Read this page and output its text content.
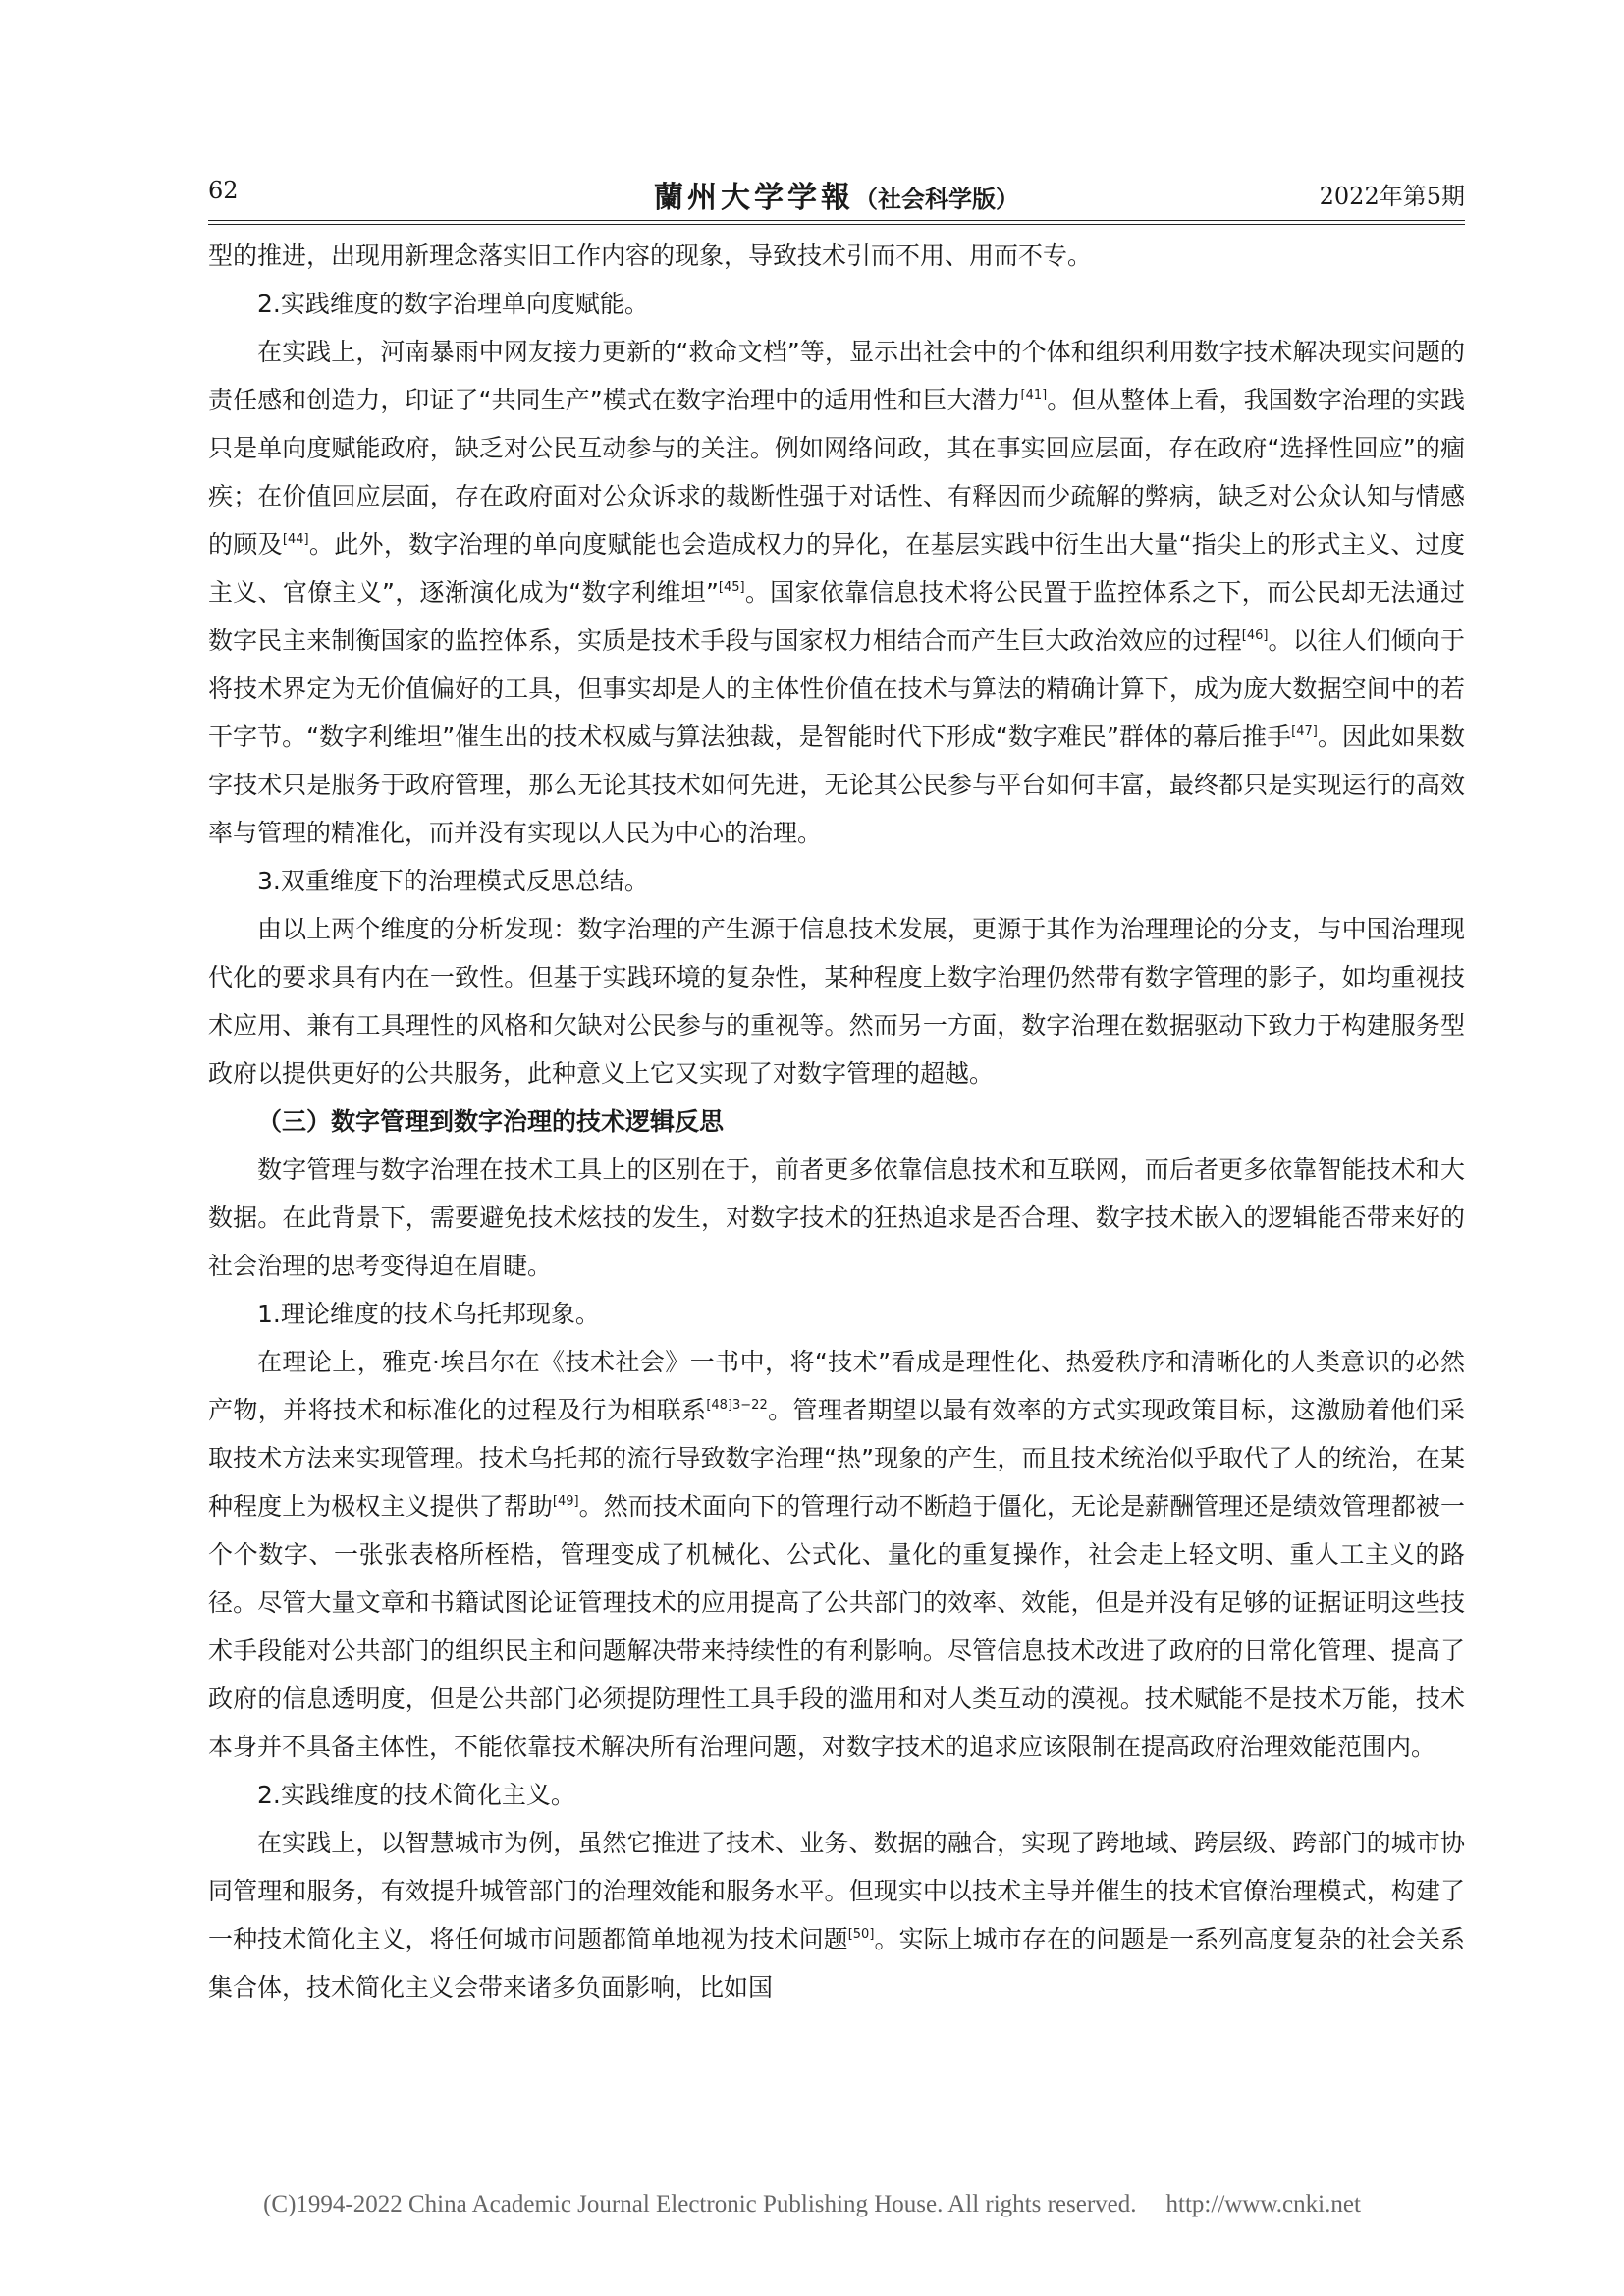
62	蘭州大学学報（社会科学版）	2022年第5期

型的推进，出现用新理念落实旧工作内容的现象，导致技术引而不用、用而不专。

2.实践维度的数字治理单向度赋能。

在实践上，河南暴雨中网友接力更新的“救命文档”等，显示出社会中的个体和组织利用数字技术解决现实问题的责任感和创造力，印证了“共同生产”模式在数字治理中的适用性和巨大潜力[41]。但从整体上看，我国数字治理的实践只是单向度赋能政府，缺乏对公民互动参与的关注。例如网络问政，其在事实回应层面，存在政府“选择性回应”的痼疾；在价值回应层面，存在政府面对公众诉求的裁断性强于对话性、有释因而少疏解的弊病，缺乏对公众认知与情感的顾及[44]。此外，数字治理的单向度赋能也会造成权力的异化，在基层实践中衍生出大量“指尖上的形式主义、过度主义、官僚主义”，逐渐演化成为“数字利维坦”[45]。国家依靠信息技术将公民置于监控体系之下，而公民却无法通过数字民主来制衡国家的监控体系，实质是技术手段与国家权力相结合而产生巨大政治效应的过程[46]。以往人们倾向于将技术界定为无价值偏好的工具，但事实却是人的主体性价值在技术与算法的精确计算下，成为庞大数据空间中的若干字节。“数字利维坦”催生出的技术权威与算法独裁，是智能时代下形成“数字难民”群体的幕后推手[47]。因此如果数字技术只是服务于政府管理，那么无论其技术如何先进，无论其公民参与平台如何丰富，最终都只是实现运行的高效率与管理的精准化，而并没有实现以人民为中心的治理。

3.双重维度下的治理模式反思总结。

由以上两个维度的分析发现：数字治理的产生源于信息技术发展，更源于其作为治理理论的分支，与中国治理现代化的要求具有内在一致性。但基于实践环境的复杂性，某种程度上数字治理仍然带有数字管理的影子，如均重视技术应用、兼有工具理性的风格和欠缺对公民参与的重视等。然而另一方面，数字治理在数据驱动下致力于构建服务型政府以提供更好的公共服务，此种意义上它又实现了对数字管理的超越。

（三）数字管理到数字治理的技术逻辑反思

数字管理与数字治理在技术工具上的区别在于，前者更多依靠信息技术和互联网，而后者更多依靠智能技术和大数据。在此背景下，需要避免技术炫技的发生，对数字技术的狂热追求是否合理、数字技术嵌入的逻辑能否带来好的社会治理的思考变得迫在眉睫。

1.理论维度的技术乌托邦现象。

在理论上，雅克·埃吕尔在《技术社会》一书中，将“技术”看成是理性化、热爱秩序和清晰化的人类意识的必然产物，并将技术和标准化的过程及行为相联系$^{[48]3-22}$。管理者期望以最有效率的方式实现政策目标，这激励着他们采取技术方法来实现管理。技术乌托邦的流行导致数字治理“热”现象的产生，而且技术统治似乎取代了人的统治，在某种程度上为极权主义提供了帮助[49]。然而技术面向下的管理行动不断趋于僵化，无论是薪酬管理还是绩效管理都被一个个数字、一张张表格所桎梏，管理变成了机械化、公式化、量化的重复操作，社会走上轻文明、重人工主义的路径。尽管大量文章和书籍试图论证管理技术的应用提高了公共部门的效率、效能，但是并没有足够的证据证明这些技术手段能对公共部门的组织民主和问题解决带来持续性的有利影响。尽管信息技术改进了政府的日常化管理、提高了政府的信息透明度，但是公共部门必须提防理性工具手段的滥用和对人类互动的漠视。技术赋能不是技术万能，技术本身并不具备主体性，不能依靠技术解决所有治理问题，对数字技术的追求应该限制在提高政府治理效能范围内。

2.实践维度的技术简化主义。

在实践上，以智慧城市为例，虽然它推进了技术、业务、数据的融合，实现了跨地域、跨层级、跨部门的城市协同管理和服务，有效提升城管部门的治理效能和服务水平。但现实中以技术主导并催生的技术官僚治理模式，构建了一种技术简化主义，将任何城市问题都简单地视为技术问题[50]。实际上城市存在的问题是一系列高度复杂的社会关系集合体，技术简化主义会带来诸多负面影响，比如国

(C)1994-2022 China Academic Journal Electronic Publishing House. All rights reserved. http://www.cnki.net
